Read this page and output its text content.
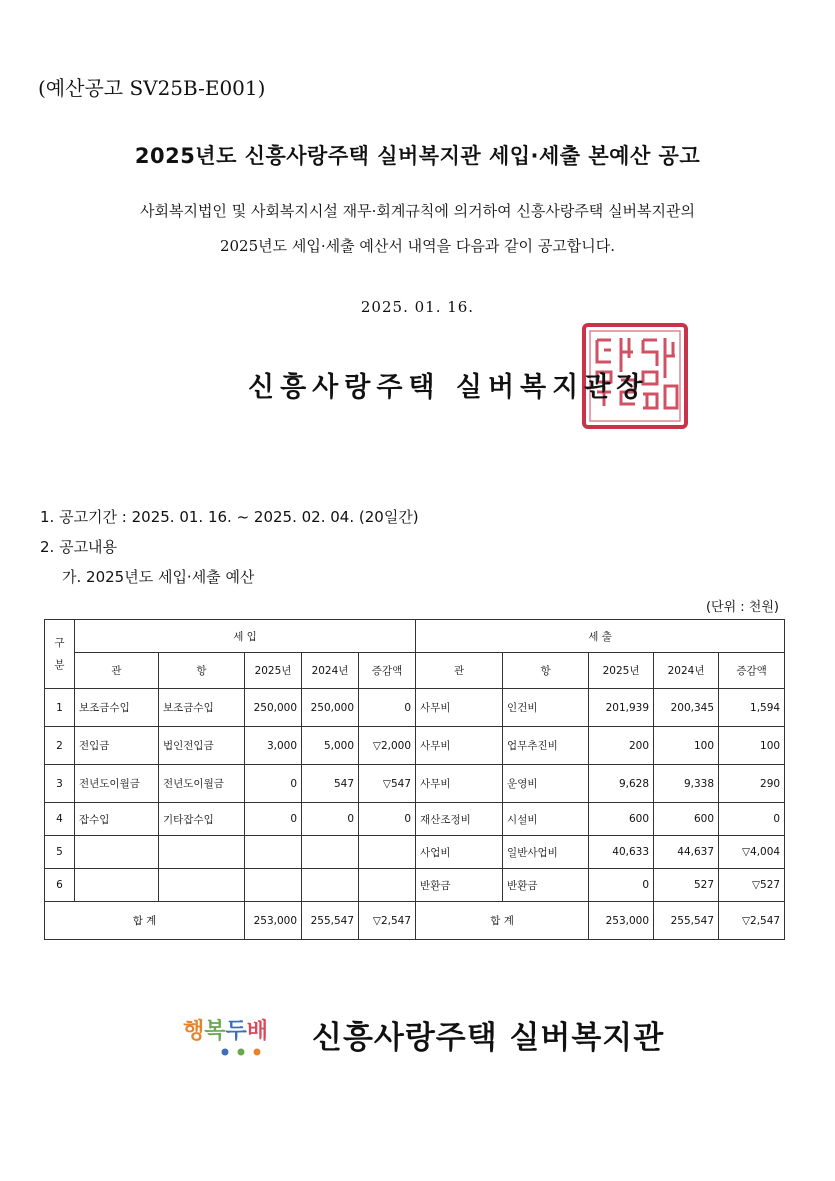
(예산공고 SV25B-E001)
2025년도 신흥사랑주택 실버복지관 세입·세출 본예산 공고
사회복지법인 및 사회복지시설 재무·회계규칙에 의거하여 신흥사랑주택 실버복지관의
2025년도 세입·세출 예산서 내역을 다음과 같이 공고합니다.
2025. 01. 16.
신흥사랑주택 실버복지관장
1. 공고기간 : 2025. 01. 16. ~ 2025. 02. 04. (20일간)
2. 공고내용
가. 2025년도 세입·세출 예산
(단위 : 천원)
구 분	세 입					세 출				
	관	항	2025년	2024년	증감액	관	항	2025년	2024년	증감액
1	보조금수입	보조금수입	250,000	250,000	0	사무비	인건비	201,939	200,345	1,594
2	전입금	법인전입금	3,000	5,000	▽2,000	사무비	업무추진비	200	100	100
3	전년도이월금	전년도이월금	0	547	▽547	사무비	운영비	9,628	9,338	290
4	잡수입	기타잡수입	0	0	0	재산조정비	시설비	600	600	0
5						사업비	일반사업비	40,633	44,637	▽4,004
6						반환금	반환금	0	527	▽527
합 계			253,000	255,547	▽2,547	합 계		253,000	255,547	▽2,547
행복두배 신흥사랑주택 실버복지관
